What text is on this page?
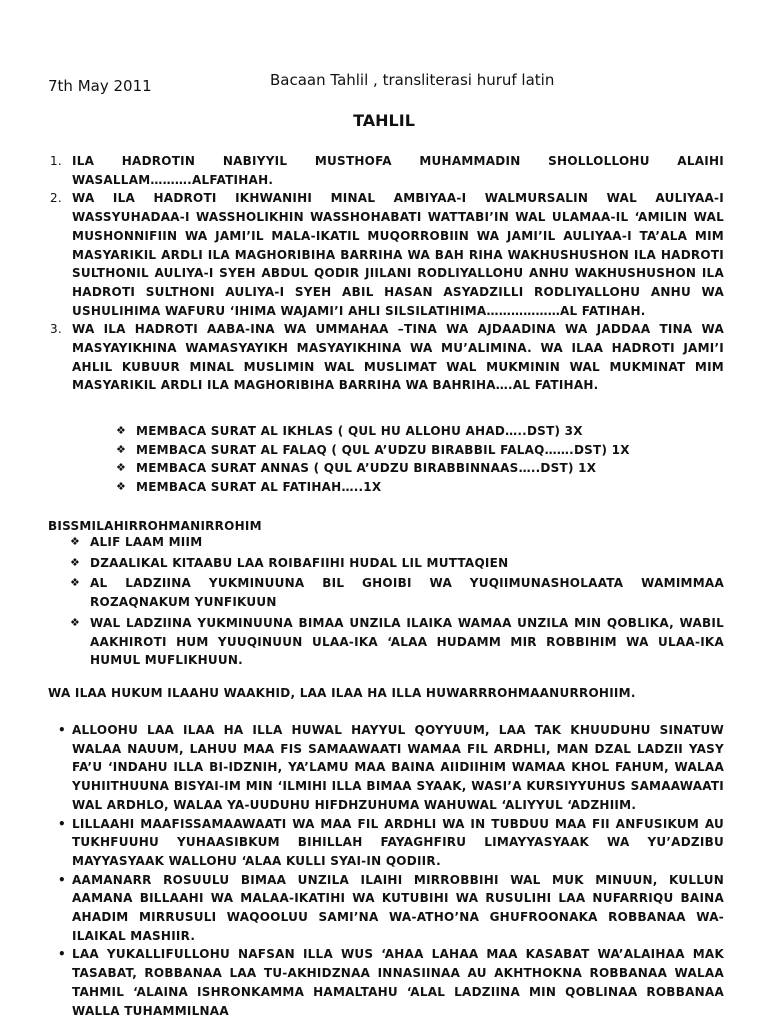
7th May 2011	Bacaan Tahlil , transliterasi huruf latin
TAHLIL
1. ILA HADROTIN NABIYYIL MUSTHOFA MUHAMMADIN SHOLLOLLOHU ALAIHI WASALLAM……….ALFATIHAH.
2. WA ILA HADROTI IKHWANIHI MINAL AMBIYAA-I WALMURSALIN WAL AULIYAA-I WASSYUHADAA-I WASSHOLIKHIN WASSHOHABATI WATTABI’IN WAL ULAMAA-IL ‘AMILIN WAL MUSHONNIFIIN WA JAMI’IL MALA-IKATIL MUQORROBIIN WA JAMI’IL AULIYAA-I TA’ALA MIM MASYARIKIL ARDLI ILA MAGHORIBIHA BARRIHA WA BAH RIHA WAKHUSHUSHON ILA HADROTI SULTHONIL AULIYA-I SYEH ABDUL QODIR JIILANI RODLIYALLOHU ANHU WAKHUSHUSHON ILA HADROTI SULTHONI AULIYA-I SYEH ABIL HASAN ASYADZILLI RODLIYALLOHU ANHU WA USHULIHIMA WAFURU ‘IHIMA WAJAMI’I AHLI SILSILATIHIMA………………AL FATIHAH.
3. WA ILA HADROTI AABA-INA WA UMMAHAA –TINA WA AJDAADINA WA JADDAA TINA WA MASYAYIKHINA WAMASYAYIKH MASYAYIKHINA WA MU’ALIMINA. WA ILAA HADROTI JAMI’I AHLIL KUBUUR MINAL MUSLIMIN WAL MUSLIMAT WAL MUKMININ WAL MUKMINAT MIM MASYARIKIL ARDLI ILA MAGHORIBIHA BARRIHA WA BAHRIHA….AL FATIHAH.
❖ MEMBACA SURAT AL IKHLAS ( QUL HU ALLOHU AHAD…..DST) 3X
❖ MEMBACA SURAT AL FALAQ ( QUL A’UDZU BIRABBIL FALAQ…….DST) 1X
❖ MEMBACA SURAT ANNAS ( QUL A’UDZU BIRABBINNAAS…..DST) 1X
❖ MEMBACA SURAT AL FATIHAH…..1X
BISSMILAHIRROHMANIRROHIM
❖ ALIF LAAM MIIM
❖ DZAALIKAL KITAABU LAA ROIBAFIIHI HUDAL LIL MUTTAQIEN
❖ AL LADZIINA YUKMINUUNA BIL GHOIBI WA YUQIIMUNASHOLAATA WAMIMMAA ROZAQNAKUM YUNFIKUUN
❖ WAL LADZIINA YUKMINUUNA BIMAA UNZILA ILAIKA WAMAA UNZILA MIN QOBLIKA, WABIL AAKHIROTI HUM YUUQINUUN ULAA-IKA ‘ALAA HUDAMM MIR ROBBIHIM WA ULAA-IKA HUMUL MUFLIKHUUN.
WA ILAA HUKUM ILAAHU WAAKHID, LAA ILAA HA ILLA HUWARRROHMAANURROHIIM.
• ALLOOHU LAA ILAA HA ILLA HUWAL HAYYUL QOYYUUM, LAA TAK KHUUDUHU SINATUW WALAA NAUUM, LAHUU MAA FIS SAMAAWAATI WAMAA FIL ARDHLI, MAN DZAL LADZII YASY FA’U ‘INDAHU ILLA BI-IDZNIH, YA’LAMU MAA BAINA AIIDIIHIM WAMAA KHOL FAHUM, WALAA YUHIITHUUNA BISYAI-IM MIN ‘ILMIHI ILLA BIMAA SYAAK, WASI’A KURSIYYUHUS SAMAAWAATI WAL ARDHLO, WALAA YA-UUDUHU HIFDHZUHUMA WAHUWAL ‘ALIYYUL ‘ADZHIIM.
• LILLAAHI MAAFISSAMAAWAATI WA MAA FIL ARDHLI WA IN TUBDUU MAA FII ANFUSIKUM AU TUKHFUUHU YUHAASIBKUM BIHILLAH FAYAGHFIRU LIMAYYASYAAK WA YU’ADZIBU MAYYASYAAK WALLOHU ‘ALAA KULLI SYAI-IN QODIIR.
• AAMANARR ROSUULU BIMAA UNZILA ILAIHI MIRROBBIHI WAL MUK MINUUN, KULLUN AAMANA BILLAAHI WA MALAA-IKATIHI WA KUTUBIHI WA RUSULIHI LAA NUFARRIQU BAINA AHADIM MIRRUSULI WAQOOLUU SAMI’NA WA-ATHO’NA GHUFROONAKA ROBBANAA WA-ILAIKAL MASHIIR.
• LAA YUKALLIFULLOHU NAFSAN ILLA WUS ‘AHAA LAHAA MAA KASABAT WA’ALAIHAA MAK TASABAT, ROBBANAA LAA TU-AKHIDZNAA INNASIINAA AU AKHTHOKNA ROBBANAA WALAA TAHMIL ‘ALAINA ISHRONKAMMA HAMALTAHU ‘ALAL LADZIINA MIN QOBLINAA ROBBANAA WALLA TUHAMMILNAA
